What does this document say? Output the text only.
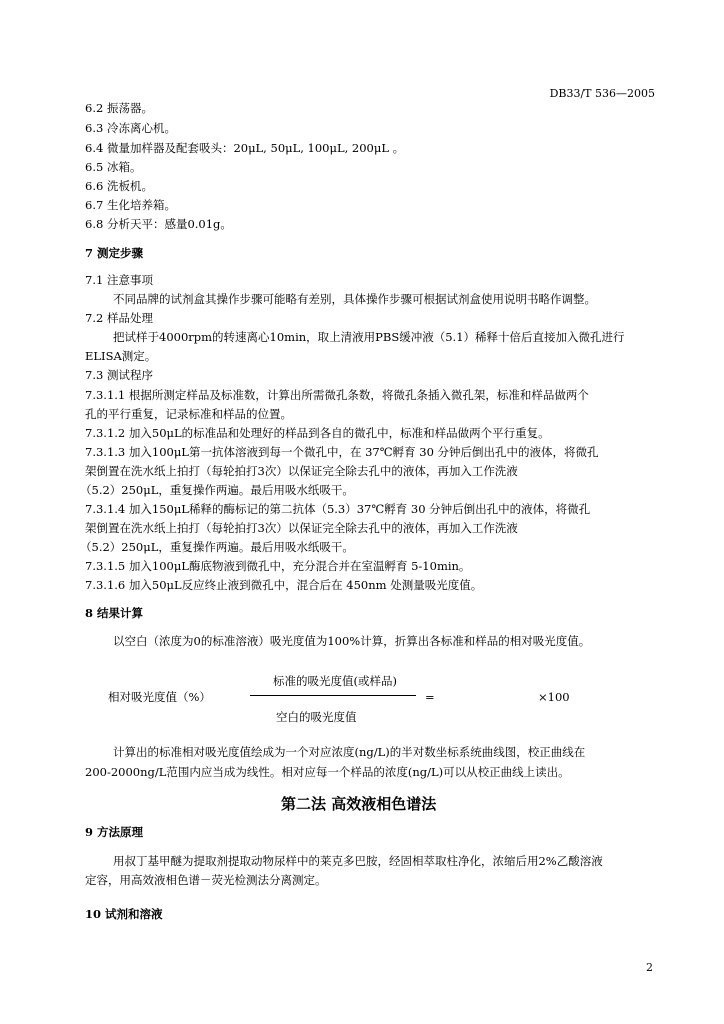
DB33/T 536—2005
6.2 振荡器。
6.3 冷冻离心机。
6.4 微量加样器及配套吸头：20μL, 50μL, 100μL, 200μL 。
6.5 冰箱。
6.6 洗板机。
6.7 生化培养箱。
6.8 分析天平：感量0.01g。
7 测定步骤
7.1 注意事项
不同品牌的试剂盒其操作步骤可能略有差别，具体操作步骤可根据试剂盒使用说明书略作调整。
7.2 样品处理
把试样于4000rpm的转速离心10min，取上清液用PBS缓冲液（5.1）稀释十倍后直接加入微孔进行
ELISA测定。
7.3 测试程序
7.3.1.1 根据所测定样品及标准数，计算出所需微孔条数，将微孔条插入微孔架，标准和样品做两个
孔的平行重复，记录标准和样品的位置。
7.3.1.2 加入50μL的标准品和处理好的样品到各自的微孔中，标准和样品做两个平行重复。
7.3.1.3 加入100μL第一抗体溶液到每一个微孔中，在 37℃孵育 30 分钟后倒出孔中的液体，将微孔
架倒置在洗水纸上拍打（每轮拍打3次）以保证完全除去孔中的液体，再加入工作洗液
（5.2）250μL，重复操作两遍。最后用吸水纸吸干。
7.3.1.4 加入150μL稀释的酶标记的第二抗体（5.3）37℃孵育 30 分钟后倒出孔中的液体，将微孔
架倒置在洗水纸上拍打（每轮拍打3次）以保证完全除去孔中的液体，再加入工作洗液
（5.2）250μL，重复操作两遍。最后用吸水纸吸干。
7.3.1.5 加入100μL酶底物液到微孔中，充分混合并在室温孵育 5-10min。
7.3.1.6 加入50μL反应终止液到微孔中，混合后在 450nm 处测量吸光度值。
8 结果计算
以空白（浓度为0的标准溶液）吸光度值为100%计算，折算出各标准和样品的相对吸光度值。
标准的吸光度值(或样品)
相对吸光度值（%）	=	×100
空白的吸光度值
计算出的标准相对吸光度值绘成为一个对应浓度(ng/L)的半对数坐标系统曲线图，校正曲线在
200-2000ng/L范围内应当成为线性。相对应每一个样品的浓度(ng/L)可以从校正曲线上读出。
第二法 高效液相色谱法
9 方法原理
用叔丁基甲醚为提取剂提取动物尿样中的莱克多巴胺，经固相萃取柱净化，浓缩后用2%乙酸溶液
定容，用高效液相色谱－荧光检测法分离测定。
10 试剂和溶液
2
